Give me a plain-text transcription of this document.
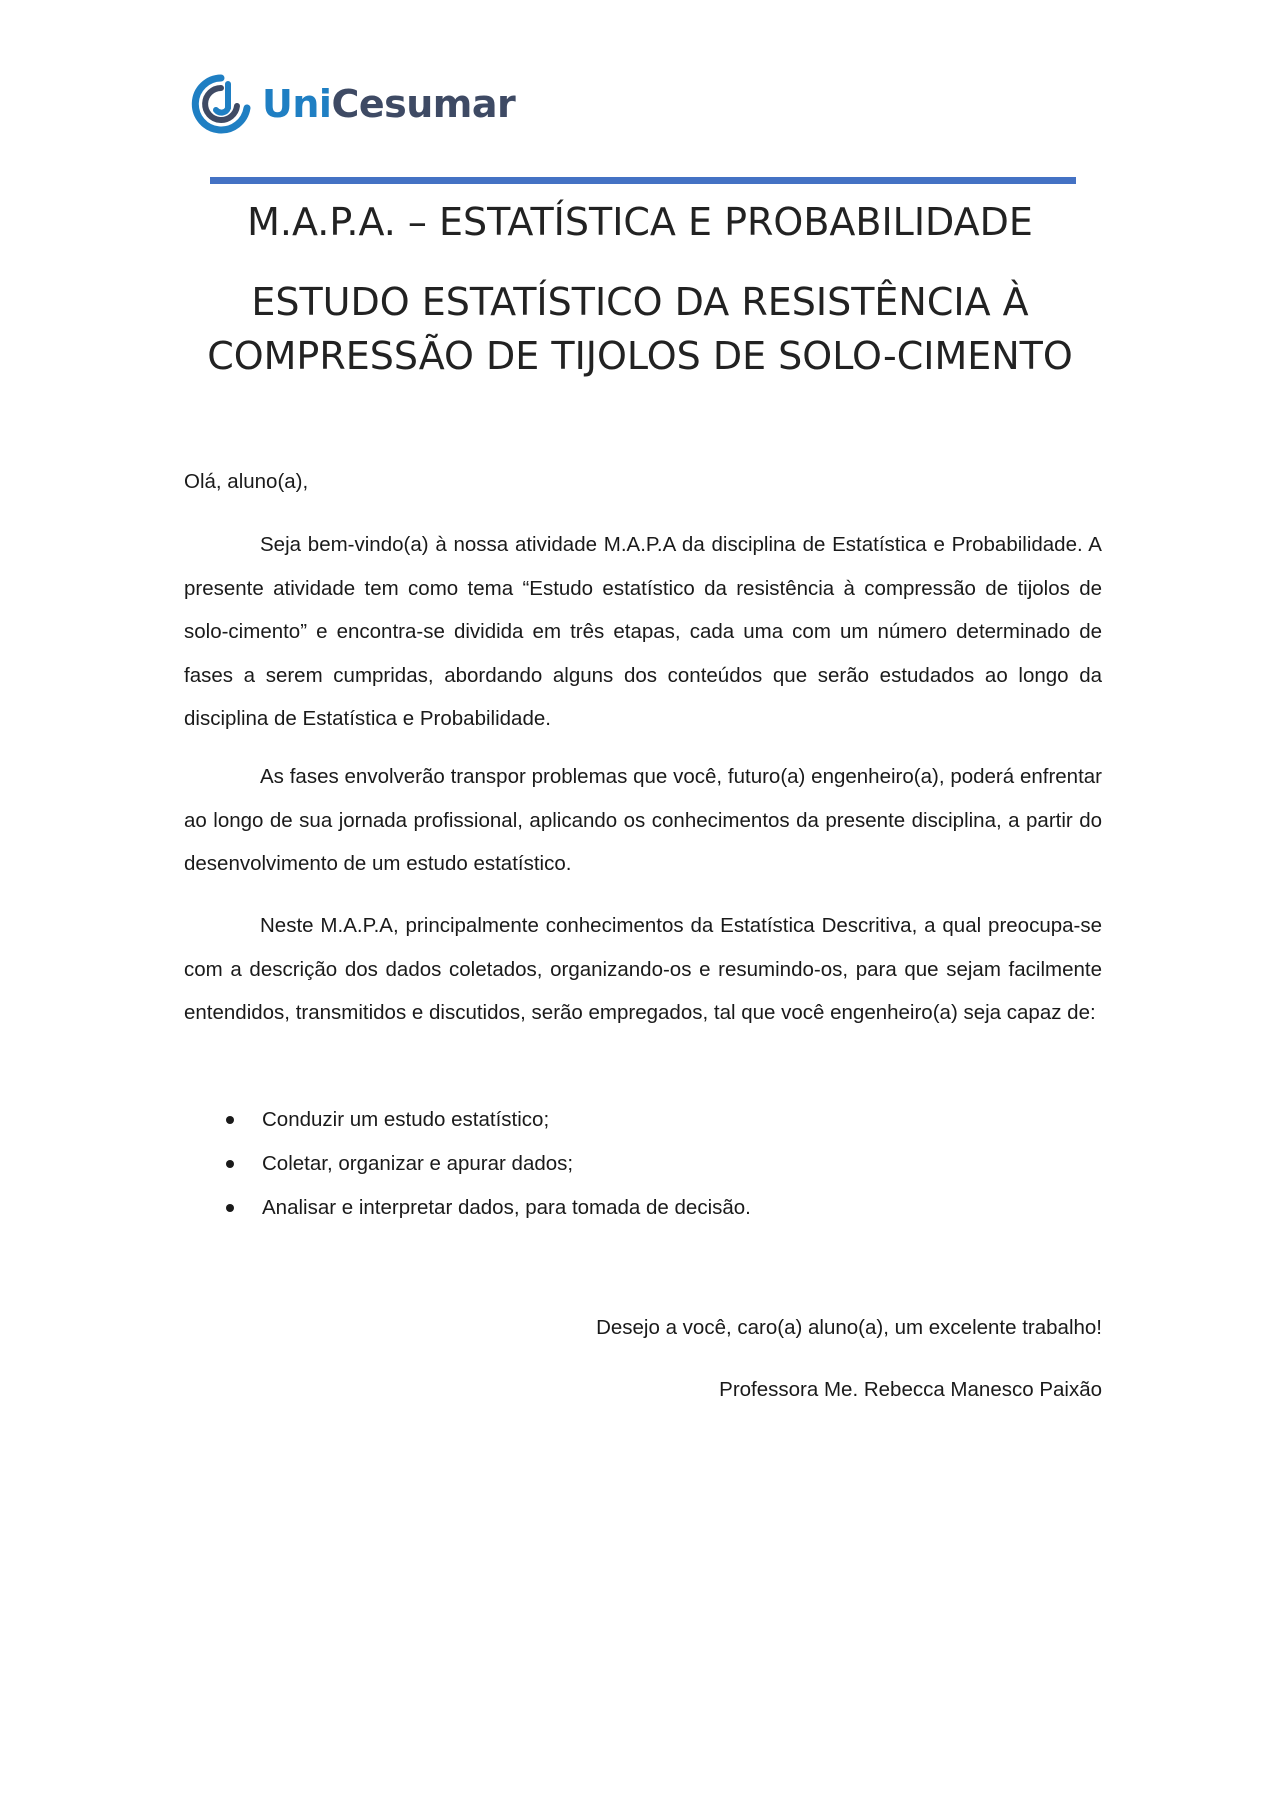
UniCesumar
M.A.P.A. – ESTATÍSTICA E PROBABILIDADE
ESTUDO ESTATÍSTICO DA RESISTÊNCIA À
COMPRESSÃO DE TIJOLOS DE SOLO-CIMENTO
Olá, aluno(a),

Seja bem-vindo(a) à nossa atividade M.A.P.A da disciplina de Estatística e Probabilidade. A presente atividade tem como tema “Estudo estatístico da resistência à compressão de tijolos de solo-cimento” e encontra-se dividida em três etapas, cada uma com um número determinado de fases a serem cumpridas, abordando alguns dos conteúdos que serão estudados ao longo da disciplina de Estatística e Probabilidade.

As fases envolverão transpor problemas que você, futuro(a) engenheiro(a), poderá enfrentar ao longo de sua jornada profissional, aplicando os conhecimentos da presente disciplina, a partir do desenvolvimento de um estudo estatístico.

Neste M.A.P.A, principalmente conhecimentos da Estatística Descritiva, a qual preocupa-se com a descrição dos dados coletados, organizando-os e resumindo-os, para que sejam facilmente entendidos, transmitidos e discutidos, serão empregados, tal que você engenheiro(a) seja capaz de:

Conduzir um estudo estatístico;
Coletar, organizar e apurar dados;
Analisar e interpretar dados, para tomada de decisão.
Desejo a você, caro(a) aluno(a), um excelente trabalho!
Professora Me. Rebecca Manesco Paixão
